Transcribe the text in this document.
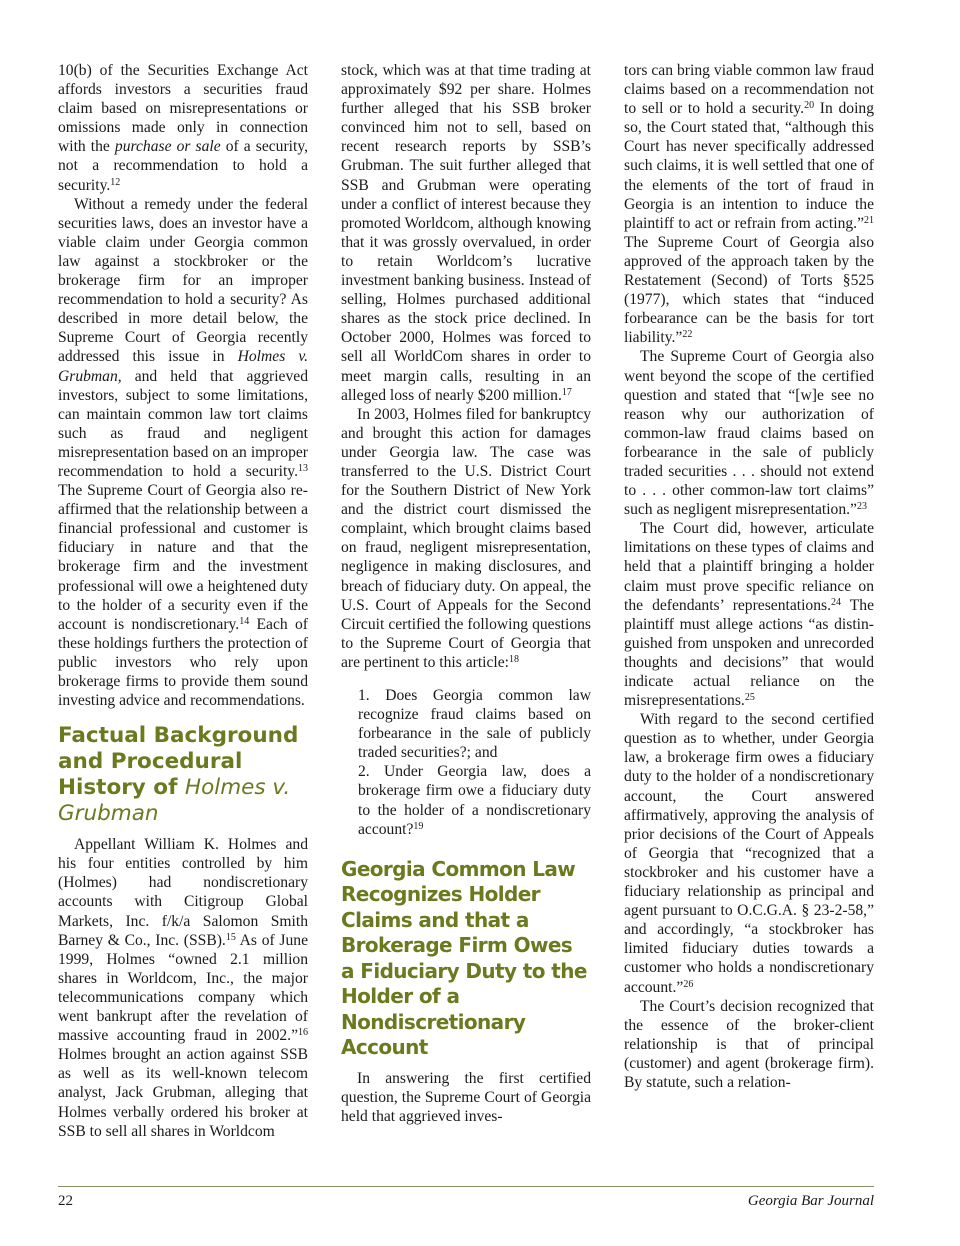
10(b) of the Securities Exchange Act affords investors a securities fraud claim based on misrepresentations or omissions made only in connection with the purchase or sale of a security, not a recommendation to hold a security.$^{12}$

Without a remedy under the federal securities laws, does an investor have a viable claim under Georgia common law against a stockbroker or the brokerage firm for an improper recommendation to hold a security? As described in more detail below, the Supreme Court of Georgia recently addressed this issue in Holmes v. Grubman, and held that aggrieved investors, subject to some limitations, can maintain common law tort claims such as fraud and negligent misrepresentation based on an improper recommendation to hold a security.$^{13}$ The Supreme Court of Georgia also re-affirmed that the relationship between a financial professional and customer is fiduciary in nature and that the brokerage firm and the investment professional will owe a heightened duty to the holder of a security even if the account is nondiscretionary.$^{14}$ Each of these holdings furthers the protection of public investors who rely upon brokerage firms to provide them sound investing advice and recommendations.

Factual Background and Procedural History of Holmes v. Grubman

Appellant William K. Holmes and his four entities controlled by him (Holmes) had nondiscretionary accounts with Citigroup Global Markets, Inc. f/k/a Salomon Smith Barney & Co., Inc. (SSB).$^{15}$ As of June 1999, Holmes “owned 2.1 million shares in Worldcom, Inc., the major telecommunications company which went bankrupt after the revelation of massive accounting fraud in 2002.”$^{16}$ Holmes brought an action against SSB as well as its well-known telecom analyst, Jack Grubman, alleging that Holmes verbally ordered his broker at SSB to sell all shares in Worldcom

stock, which was at that time trading at approximately $92 per share. Holmes further alleged that his SSB broker convinced him not to sell, based on recent research reports by SSB’s Grubman. The suit further alleged that SSB and Grubman were operating under a conflict of interest because they promoted Worldcom, although knowing that it was grossly overvalued, in order to retain Worldcom’s lucrative investment banking business. Instead of selling, Holmes purchased additional shares as the stock price declined. In October 2000, Holmes was forced to sell all WorldCom shares in order to meet margin calls, resulting in an alleged loss of nearly $200 million.$^{17}$

In 2003, Holmes filed for bankruptcy and brought this action for damages under Georgia law. The case was transferred to the U.S. District Court for the Southern District of New York and the district court dismissed the complaint, which brought claims based on fraud, negligent misrepresentation, negligence in making disclosures, and breach of fiduciary duty. On appeal, the U.S. Court of Appeals for the Second Circuit certified the following questions to the Supreme Court of Georgia that are pertinent to this article:$^{18}$

1. Does Georgia common law recognize fraud claims based on forbearance in the sale of publicly traded securities?; and
2. Under Georgia law, does a brokerage firm owe a fiduciary duty to the holder of a nondiscretionary account?$^{19}$
Georgia Common Law Recognizes Holder Claims and that a Brokerage Firm Owes a Fiduciary Duty to the Holder of a Nondiscretionary Account

In answering the first certified question, the Supreme Court of Georgia held that aggrieved inves-

tors can bring viable common law fraud claims based on a recommendation not to sell or to hold a security.$^{20}$ In doing so, the Court stated that, “although this Court has never specifically addressed such claims, it is well settled that one of the elements of the tort of fraud in Georgia is an intention to induce the plaintiff to act or refrain from acting.”$^{21}$ The Supreme Court of Georgia also approved of the approach taken by the Restatement (Second) of Torts §525 (1977), which states that “induced forbearance can be the basis for tort liability.”$^{22}$

The Supreme Court of Georgia also went beyond the scope of the certified question and stated that “[w]e see no reason why our authorization of common-law fraud claims based on forbearance in the sale of publicly traded securities . . . should not extend to . . . other common-law tort claims” such as negligent misrepresentation.”$^{23}$

The Court did, however, articulate limitations on these types of claims and held that a plaintiff bringing a holder claim must prove specific reliance on the defendants’ representations.$^{24}$ The plaintiff must allege actions “as distinguished from unspoken and unrecorded thoughts and decisions” that would indicate actual reliance on the misrepresentations.$^{25}$

With regard to the second certified question as to whether, under Georgia law, a brokerage firm owes a fiduciary duty to the holder of a nondiscretionary account, the Court answered affirmatively, approving the analysis of prior decisions of the Court of Appeals of Georgia that “recognized that a stockbroker and his customer have a fiduciary relationship as principal and agent pursuant to O.C.G.A. § 23-2-58,” and accordingly, “a stockbroker has limited fiduciary duties towards a customer who holds a nondiscretionary account.”$^{26}$

The Court’s decision recognized that the essence of the broker-client relationship is that of principal (customer) and agent (brokerage firm). By statute, such a relation-

22	Georgia Bar Journal
